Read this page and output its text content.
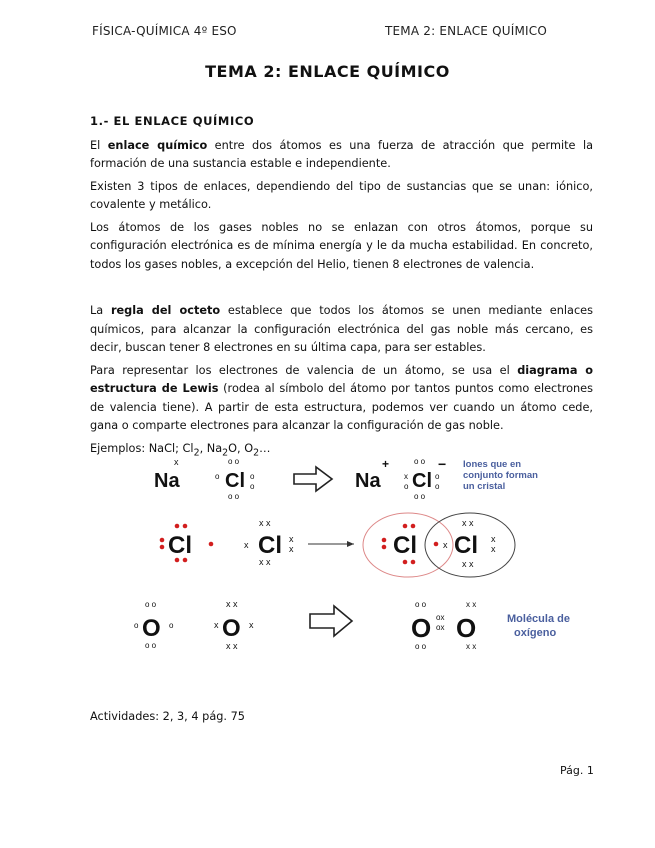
FÍSICA-QUÍMICA 4º ESO	TEMA 2: ENLACE QUÍMICO
TEMA 2: ENLACE QUÍMICO
1.- EL ENLACE QUÍMICO

El enlace químico entre dos átomos es una fuerza de atracción que permite la formación de una sustancia estable e independiente.

Existen 3 tipos de enlaces, dependiendo del tipo de sustancias que se unan: iónico, covalente y metálico.

Los átomos de los gases nobles no se enlazan con otros átomos, porque su configuración electrónica es de mínima energía y le da mucha estabilidad. En concreto, todos los gases nobles, a excepción del Helio, tienen 8 electrones de valencia.

La regla del octeto establece que todos los átomos se unen mediante enlaces químicos, para alcanzar la configuración electrónica del gas noble más cercano, es decir, buscan tener 8 electrones en su última capa, para ser estables.

Para representar los electrones de valencia de un átomo, se usa el diagrama o estructura de Lewis (rodea al símbolo del átomo por tantos puntos como electrones de valencia tiene). A partir de esta estructura, podemos ver cuando un átomo cede, gana o comparte electrones para alcanzar la configuración de gas noble.

Ejemplos: NaCl; $Cl_2$, $Na_2O$, $O_2\dots$

Na
x
Cl
o o
o o
o	o
o	Na
+
Cl
o o
o o
x
o
o
o
− Iones que en
conjunto forman
un cristal
Cl
x x
x x
x
x
x
Cl	Cl	x Cl
x x
x x
x
x
o o
o o
o	o
O
x x
x x
x	x
O
o o
o o
ox
ox
x x
x x
O O	Molécula de
oxígeno
Actividades: 2, 3, 4 pág. 75
Pág. 1
